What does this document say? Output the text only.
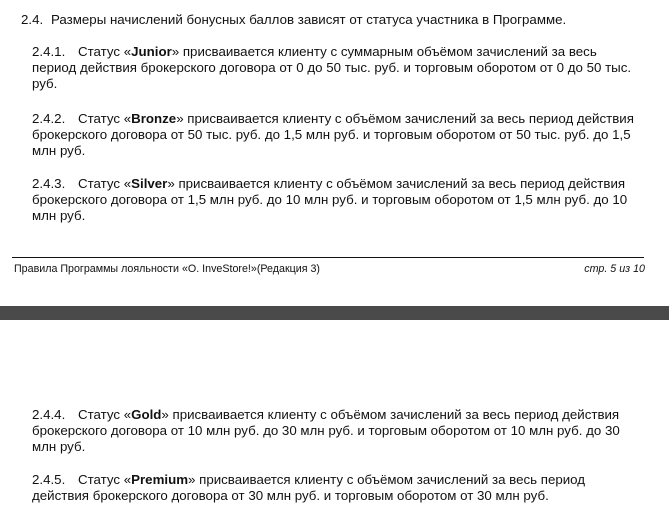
2.4. Размеры начислений бонусных баллов зависят от статуса участника в Программе.
2.4.1. Статус «Junior» присваивается клиенту с суммарным объёмом зачислений за весь период действия брокерского договора от 0 до 50 тыс. руб. и торговым оборотом от 0 до 50 тыс. руб.
2.4.2. Статус «Bronze» присваивается клиенту с объёмом зачислений за весь период действия брокерского договора от 50 тыс. руб. до 1,5 млн руб. и торговым оборотом от 50 тыс. руб. до 1,5 млн руб.
2.4.3. Статус «Silver» присваивается клиенту с объёмом зачислений за весь период действия брокерского договора от 1,5 млн руб. до 10 млн руб. и торговым оборотом от 1,5 млн руб. до 10 млн руб.
Правила Программы лояльности «О. InveStore!»(Редакция 3)	стр. 5 из 10
2.4.4. Статус «Gold» присваивается клиенту с объёмом зачислений за весь период действия брокерского договора от 10 млн руб. до 30 млн руб. и торговым оборотом от 10 млн руб. до 30 млн руб.
2.4.5. Статус «Premium» присваивается клиенту с объёмом зачислений за весь период действия брокерского договора от 30 млн руб. и торговым оборотом от 30 млн руб.
